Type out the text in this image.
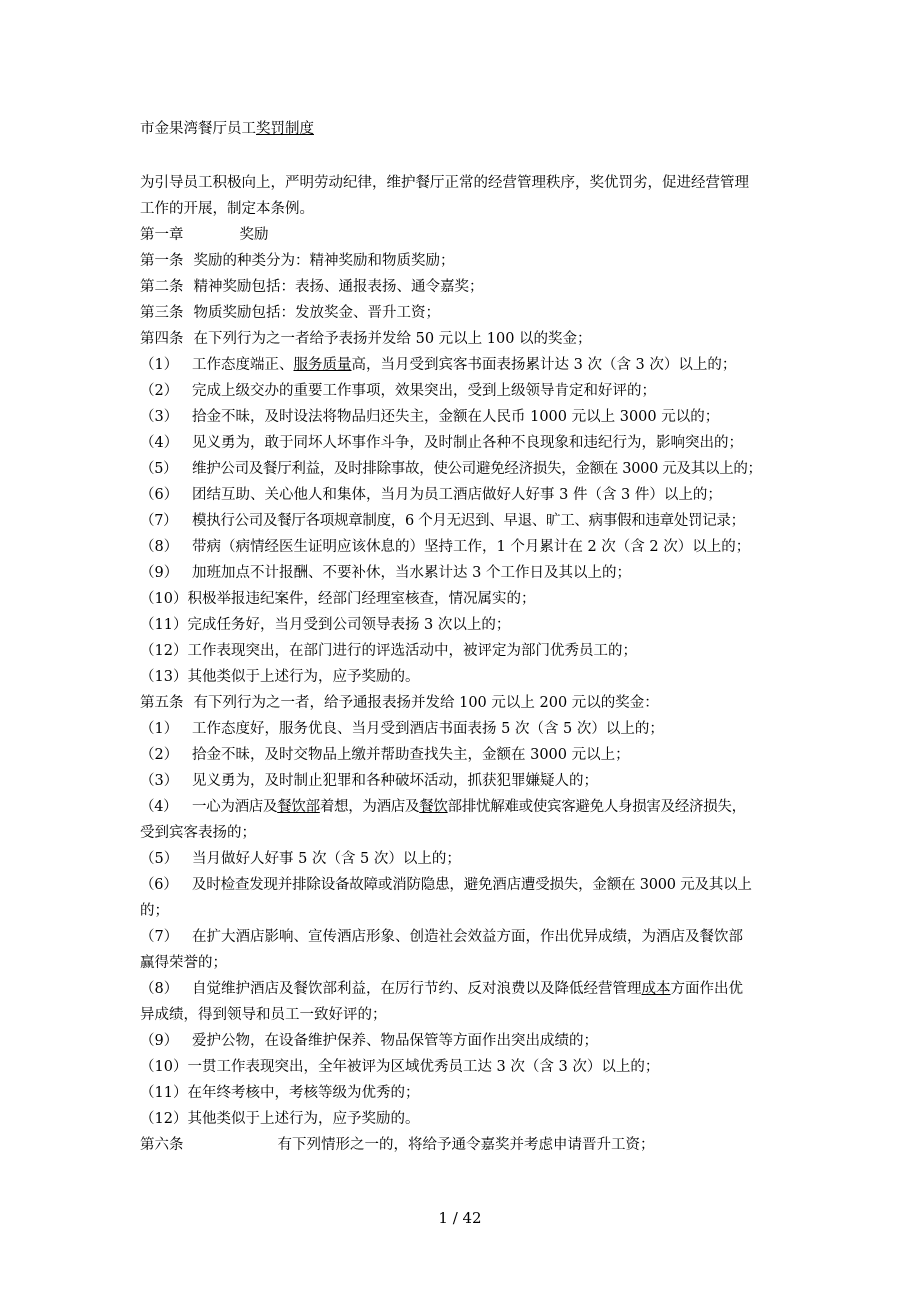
市金果湾餐厅员工奖罚制度
为引导员工积极向上，严明劳动纪律，维护餐厅正常的经营管理秩序，奖优罚劣，促进经营管理
工作的开展，制定本条例。
第一章	奖励
第一条 奖励的种类分为：精神奖励和物质奖励；
第二条 精神奖励包括：表扬、通报表扬、通令嘉奖；
第三条 物质奖励包括：发放奖金、晋升工资；
第四条 在下列行为之一者给予表扬并发给 50 元以上 100 以的奖金；
（1） 工作态度端正、服务质量高，当月受到宾客书面表扬累计达 3 次（含 3 次）以上的；
（2） 完成上级交办的重要工作事项，效果突出，受到上级领导肯定和好评的；
（3） 拾金不昧，及时设法将物品归还失主，金额在人民币 1000 元以上 3000 元以的；
（4） 见义勇为，敢于同坏人坏事作斗争，及时制止各种不良现象和违纪行为，影响突出的；
（5） 维护公司及餐厅利益，及时排除事故，使公司避免经济损失，金额在 3000 元及其以上的；
（6） 团结互助、关心他人和集体，当月为员工酒店做好人好事 3 件（含 3 件）以上的；
（7） 模执行公司及餐厅各项规章制度，6 个月无迟到、早退、旷工、病事假和违章处罚记录；
（8） 带病（病情经医生证明应该休息的）坚持工作，1 个月累计在 2 次（含 2 次）以上的；
（9） 加班加点不计报酬、不要补休，当水累计达 3 个工作日及其以上的；
（10）积极举报违纪案件，经部门经理室核查，情况属实的；
（11）完成任务好，当月受到公司领导表扬 3 次以上的；
（12）工作表现突出，在部门进行的评选活动中，被评定为部门优秀员工的；
（13）其他类似于上述行为，应予奖励的。
第五条 有下列行为之一者，给予通报表扬并发给 100 元以上 200 元以的奖金：
（1） 工作态度好，服务优良、当月受到酒店书面表扬 5 次（含 5 次）以上的；
（2） 拾金不昧，及时交物品上缴并帮助查找失主，金额在 3000 元以上；
（3） 见义勇为，及时制止犯罪和各种破坏活动，抓获犯罪嫌疑人的；
（4） 一心为酒店及餐饮部着想，为酒店及餐饮部排忧解难或使宾客避免人身损害及经济损失，
受到宾客表扬的；
（5） 当月做好人好事 5 次（含 5 次）以上的；
（6） 及时检查发现并排除设备故障或消防隐患，避免酒店遭受损失，金额在 3000 元及其以上
的；
（7） 在扩大酒店影响、宣传酒店形象、创造社会效益方面，作出优异成绩，为酒店及餐饮部
赢得荣誉的；
（8） 自觉维护酒店及餐饮部利益，在厉行节约、反对浪费以及降低经营管理成本方面作出优
异成绩，得到领导和员工一致好评的；
（9） 爱护公物，在设备维护保养、物品保管等方面作出突出成绩的；
（10）一贯工作表现突出，全年被评为区域优秀员工达 3 次（含 3 次）以上的；
（11）在年终考核中，考核等级为优秀的；
（12）其他类似于上述行为，应予奖励的。
第六条	有下列情形之一的，将给予通令嘉奖并考虑申请晋升工资；
1 / 42
